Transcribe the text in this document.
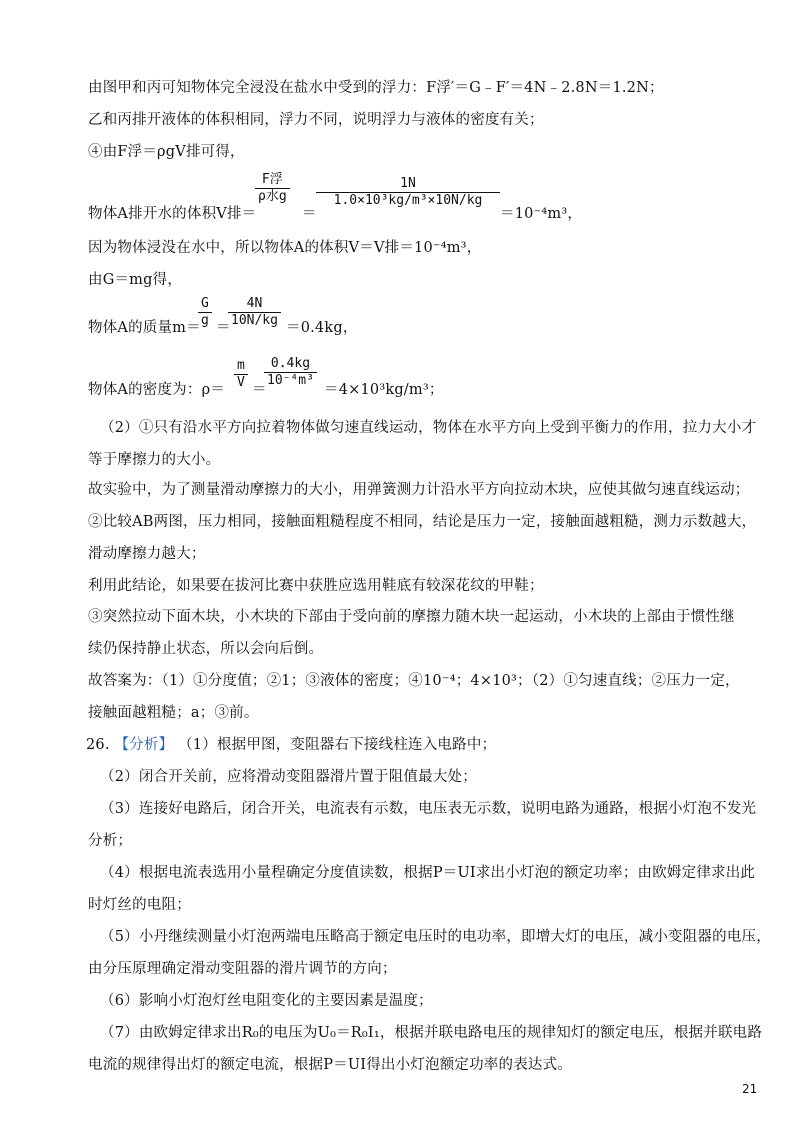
由图甲和丙可知物体完全浸没在盐水中受到的浮力：F浮′＝G﹣F′＝4N﹣2.8N＝1.2N；
乙和丙排开液体的体积相同，浮力不同，说明浮力与液体的密度有关；
④由F浮＝ρgV排可得，
物体A排开水的体积V排＝
F浮
ρ水g
＝
1N
1.0×10³kg/m³×10N/kg
＝10⁻⁴m³，
因为物体浸没在水中，所以物体A的体积V＝V排＝10⁻⁴m³，
由G＝mg得，
物体A的质量m＝
G
g ＝
4N
10N/kg ＝0.4kg，
物体A的密度为：ρ＝
m
V ＝
0.4kg
10⁻⁴m³
＝4×10³kg/m³；
（2）①只有沿水平方向拉着物体做匀速直线运动，物体在水平方向上受到平衡力的作用，拉力大小才
等于摩擦力的大小。
故实验中，为了测量滑动摩擦力的大小，用弹簧测力计沿水平方向拉动木块，应使其做匀速直线运动；
②比较AB两图，压力相同，接触面粗糙程度不相同，结论是压力一定，接触面越粗糙，测力示数越大，
滑动摩擦力越大；
利用此结论，如果要在拔河比赛中获胜应选用鞋底有较深花纹的甲鞋；
③突然拉动下面木块，小木块的下部由于受向前的摩擦力随木块一起运动，小木块的上部由于惯性继
续仍保持静止状态，所以会向后倒。
故答案为：（1）①分度值；②1；③液体的密度；④10⁻⁴；4×10³；（2）①匀速直线；②压力一定，
接触面越粗糙；a；③前。
26. 【分析】 （1）根据甲图，变阻器右下接线柱连入电路中；
（2）闭合开关前，应将滑动变阻器滑片置于阻值最大处；
（3）连接好电路后，闭合开关，电流表有示数，电压表无示数，说明电路为通路，根据小灯泡不发光
分析；
（4）根据电流表选用小量程确定分度值读数，根据P＝UI求出小灯泡的额定功率；由欧姆定律求出此
时灯丝的电阻；
（5）小丹继续测量小灯泡两端电压略高于额定电压时的电功率，即增大灯的电压，减小变阻器的电压，
由分压原理确定滑动变阻器的滑片调节的方向；
（6）影响小灯泡灯丝电阻变化的主要因素是温度；
（7）由欧姆定律求出R₀的电压为U₀＝R₀I₁，根据并联电路电压的规律知灯的额定电压，根据并联电路
电流的规律得出灯的额定电流，根据P＝UI得出小灯泡额定功率的表达式。
21
